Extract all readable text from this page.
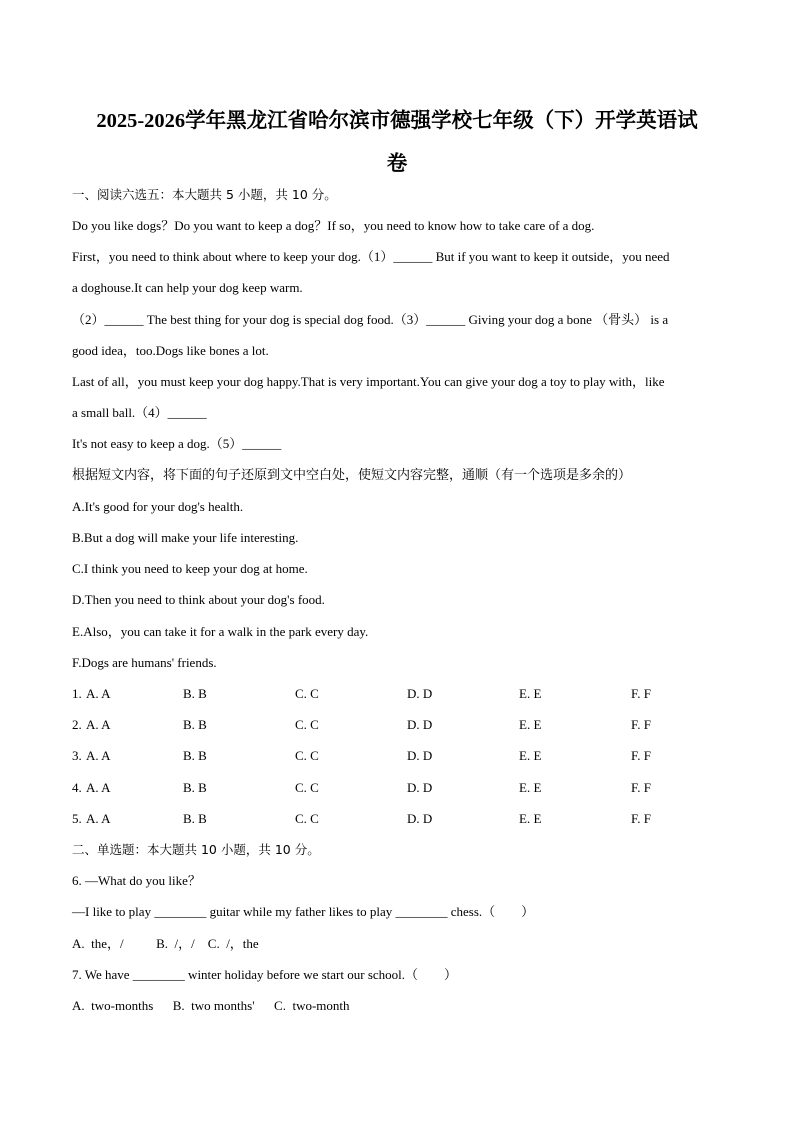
2025-2026学年黑龙江省哈尔滨市德强学校七年级（下）开学英语试
卷
一、阅读六选五：本大题共 5 小题，共 10 分。
Do you like dogs？Do you want to keep a dog？If so，you need to know how to take care of a dog.
First，you need to think about where to keep your dog.（1）______ But if you want to keep it outside，you need
a doghouse.It can help your dog keep warm.
（2）______ The best thing for your dog is special dog food.（3）______ Giving your dog a bone （骨头） is a
good idea，too.Dogs like bones a lot.
Last of all，you must keep your dog happy.That is very important.You can give your dog a toy to play with，like
a small ball.（4）______
It's not easy to keep a dog.（5）______
根据短文内容，将下面的句子还原到文中空白处，使短文内容完整，通顺（有一个选项是多余的）
A.It's good for your dog's health.
B.But a dog will make your life interesting.
C.I think you need to keep your dog at home.
D.Then you need to think about your dog's food.
E.Also，you can take it for a walk in the park every day.
F.Dogs are humans' friends.
1. A. A	B. B	C. C	D. D	E. E	F. F
2. A. A	B. B	C. C	D. D	E. E	F. F
3. A. A	B. B	C. C	D. D	E. E	F. F
4. A. A	B. B	C. C	D. D	E. E	F. F
5. A. A	B. B	C. C	D. D	E. E	F. F
二、单选题：本大题共 10 小题，共 10 分。
6. —What do you like？
—I like to play ________ guitar while my father likes to play ________ chess.（　　）
A.  the，/          B.  /，/    C.  /，the
7. We have ________ winter holiday before we start our school.（　　）
A.  two-months      B.  two months'      C.  two-month
